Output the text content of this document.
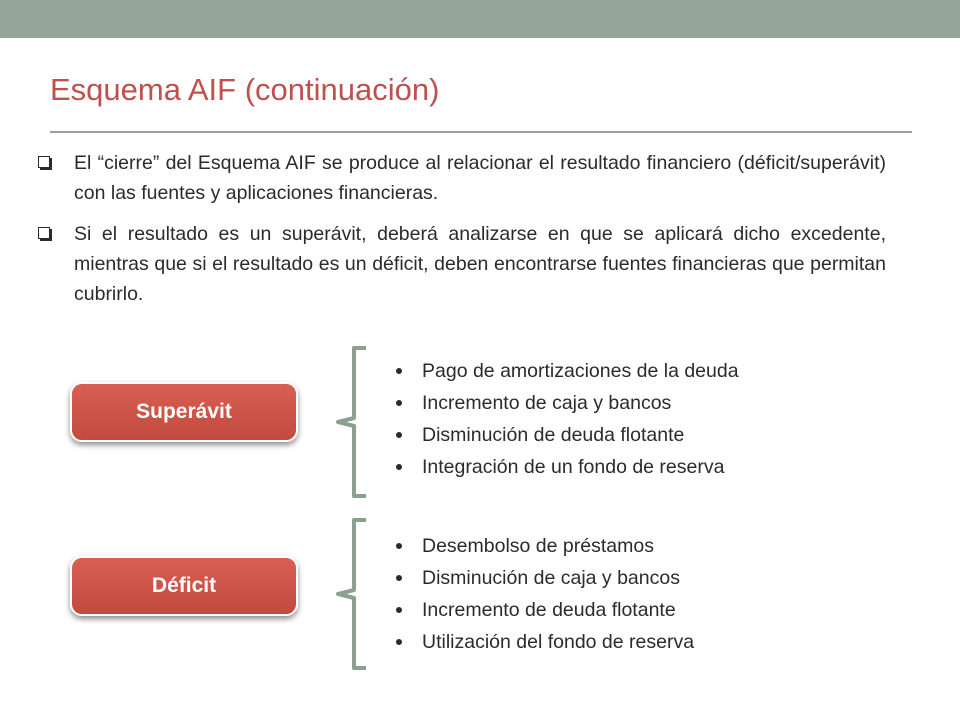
Esquema AIF (continuación)
El “cierre” del Esquema AIF se produce al relacionar el resultado financiero (déficit/superávit) con las fuentes y aplicaciones financieras.
Si el resultado es un superávit, deberá analizarse en que se aplicará dicho excedente, mientras que si el resultado es un déficit, deben encontrarse fuentes financieras que permitan cubrirlo.
Superávit
Pago de amortizaciones de la deuda
Incremento de caja y bancos
Disminución de deuda flotante
Integración de un fondo de reserva
Déficit
Desembolso de préstamos
Disminución de caja y bancos
Incremento de deuda flotante
Utilización del fondo de reserva
